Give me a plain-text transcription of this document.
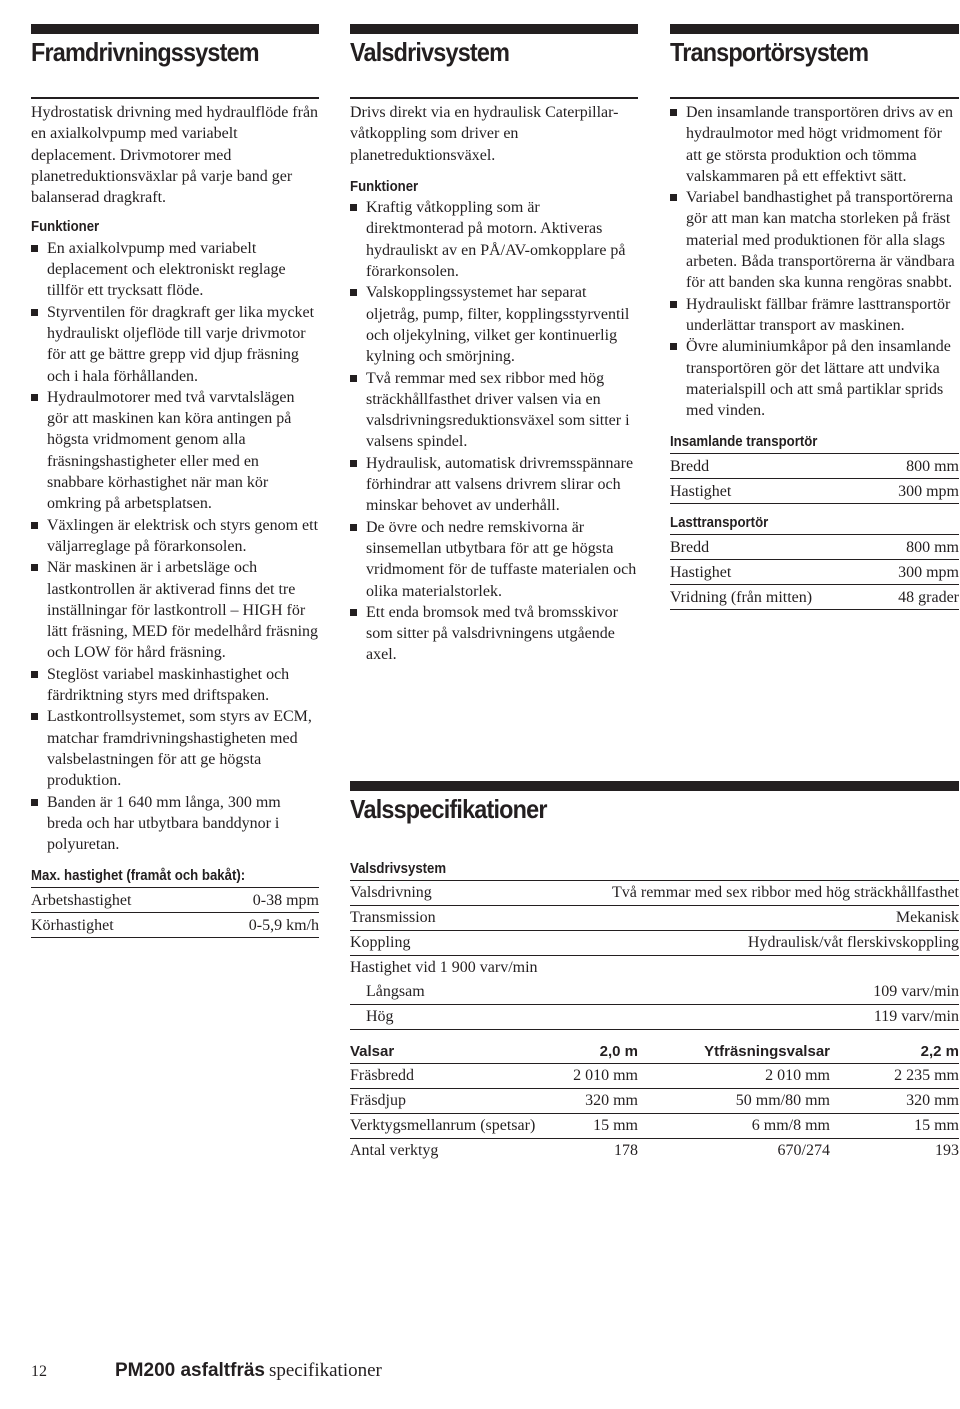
Framdrivningssystem

Hydrostatisk drivning med hydraulflöde från en axialkolvpump med variabelt deplacement. Drivmotorer med planetreduktionsväxlar på varje band ger balanserad dragkraft.

Funktioner
En axialkolvpump med variabelt deplacement och elektroniskt reglage tillför ett trycksatt flöde.
Styrventilen för dragkraft ger lika mycket hydrauliskt oljeflöde till varje drivmotor för att ge bättre grepp vid djup fräsning och i hala förhållanden.
Hydraulmotorer med två varvtalslägen gör att maskinen kan köra antingen på högsta vridmoment genom alla fräsningshastigheter eller med en snabbare körhastighet när man kör omkring på arbetsplatsen.
Växlingen är elektrisk och styrs genom ett väljarreglage på förarkonsolen.
När maskinen är i arbetsläge och lastkontrollen är aktiverad finns det tre inställningar för lastkontroll – HIGH för lätt fräsning, MED för medelhård fräsning och LOW för hård fräsning.
Steglöst variabel maskinhastighet och färdriktning styrs med driftspaken.
Lastkontrollsystemet, som styrs av ECM, matchar framdrivningshastigheten med valsbelastningen för att ge högsta produktion.
Banden är 1 640 mm långa, 300 mm breda och har utbytbara banddynor i polyuretan.
Max. hastighet (framåt och bakåt):
Arbetshastighet	0-38 mpm
Körhastighet	0-5,9 km/h
Valsdrivsystem

Drivs direkt via en hydraulisk Caterpillar-våtkoppling som driver en planetreduktionsväxel.

Funktioner
Kraftig våtkoppling som är direktmonterad på motorn. Aktiveras hydrauliskt av en PÅ/AV-omkopplare på förarkonsolen.
Valskopplingssystemet har separat oljetråg, pump, filter, kopplingsstyrventil och oljekylning, vilket ger kontinuerlig kylning och smörjning.
Två remmar med sex ribbor med hög sträckhållfasthet driver valsen via en valsdrivningsreduktionsväxel som sitter i valsens spindel.
Hydraulisk, automatisk drivremsspännare förhindrar att valsens drivrem slirar och minskar behovet av underhåll.
De övre och nedre remskivorna är sinsemellan utbytbara för att ge högsta vridmoment för de tuffaste materialen och olika materialstorlek.
Ett enda bromsok med två bromsskivor som sitter på valsdrivningens utgående axel.
Transportörsystem
Den insamlande transportören drivs av en hydraulmotor med högt vridmoment för att ge största produktion och tömma valskammaren på ett effektivt sätt.
Variabel bandhastighet på transportörerna gör att man kan matcha storleken på fräst material med produktionen för alla slags arbeten. Båda transportörerna är vändbara för att banden ska kunna rengöras snabbt.
Hydrauliskt fällbar främre lasttransportör underlättar transport av maskinen.
Övre aluminiumkåpor på den insamlande transportören gör det lättare att undvika materialspill och att små partiklar sprids med vinden.
Insamlande transportör
Bredd	800 mm
Hastighet	300 mpm
Lasttransportör
Bredd	800 mm
Hastighet	300 mpm
Vridning (från mitten)	48 grader
Valsspecifikationer
Valsdrivsystem
Valsdrivning	Två remmar med sex ribbor med hög sträckhållfasthet
Transmission	Mekanisk
Koppling	Hydraulisk/våt flerskivskoppling
Hastighet vid 1 900 varv/min	
Långsam	109 varv/min
Hög	119 varv/min
Valsar	2,0 m	Ytfräsningsvalsar	2,2 m
Fräsbredd	2 010 mm	2 010 mm	2 235 mm
Fräsdjup	320 mm	50 mm/80 mm	320 mm
Verktygsmellanrum (spetsar)	15 mm	6 mm/8 mm	15 mm
Antal verktyg	178	670/274	193
12	PM200 asfaltfräs specifikationer
